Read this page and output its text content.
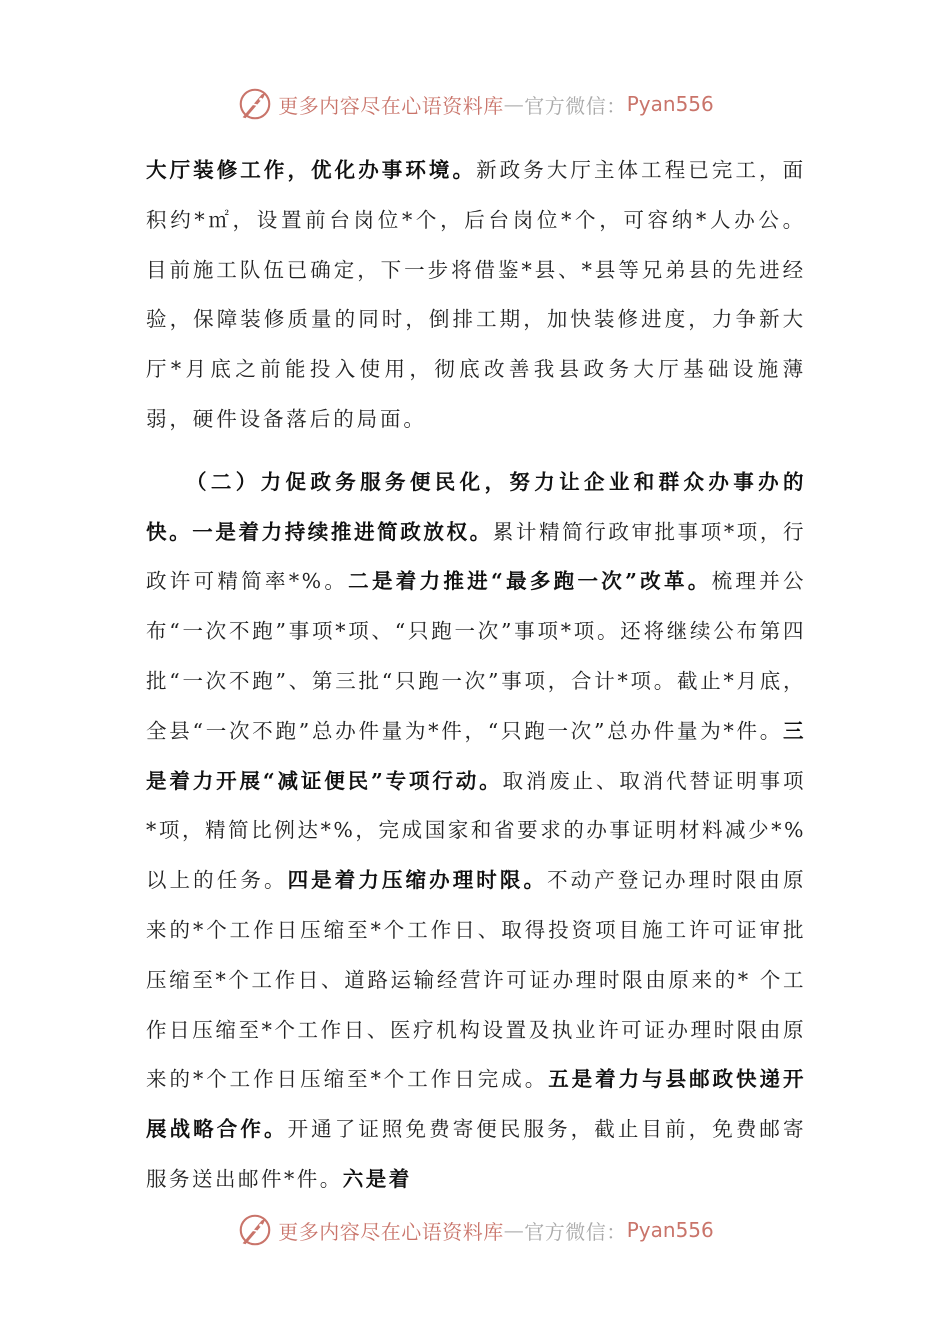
更多内容尽在心语资料库 — 官方微信： Pyan556

大厅装修工作，优化办事环境。新政务大厅主体工程已完工，面积约*㎡，设置前台岗位*个，后台岗位*个，可容纳*人办公。目前施工队伍已确定，下一步将借鉴*县、*县等兄弟县的先进经验，保障装修质量的同时，倒排工期，加快装修进度，力争新大厅*月底之前能投入使用，彻底改善我县政务大厅基础设施薄弱，硬件设备落后的局面。

（二）力促政务服务便民化，努力让企业和群众办事办的快。一是着力持续推进简政放权。累计精简行政审批事项*项，行政许可精简率*%。二是着力推进“最多跑一次”改革。梳理并公布“一次不跑”事项*项、“只跑一次”事项*项。还将继续公布第四批“一次不跑”、第三批“只跑一次”事项，合计*项。截止*月底，全县“一次不跑”总办件量为*件，“只跑一次”总办件量为*件。三是着力开展“减证便民”专项行动。取消废止、取消代替证明事项*项，精简比例达*%，完成国家和省要求的办事证明材料减少*%以上的任务。四是着力压缩办理时限。不动产登记办理时限由原来的*个工作日压缩至*个工作日、取得投资项目施工许可证审批压缩至*个工作日、道路运输经营许可证办理时限由原来的* 个工作日压缩至*个工作日、医疗机构设置及执业许可证办理时限由原来的*个工作日压缩至*个工作日完成。五是着力与县邮政快递开展战略合作。开通了证照免费寄便民服务，截止目前，免费邮寄服务送出邮件*件。六是着

更多内容尽在心语资料库 — 官方微信： Pyan556
